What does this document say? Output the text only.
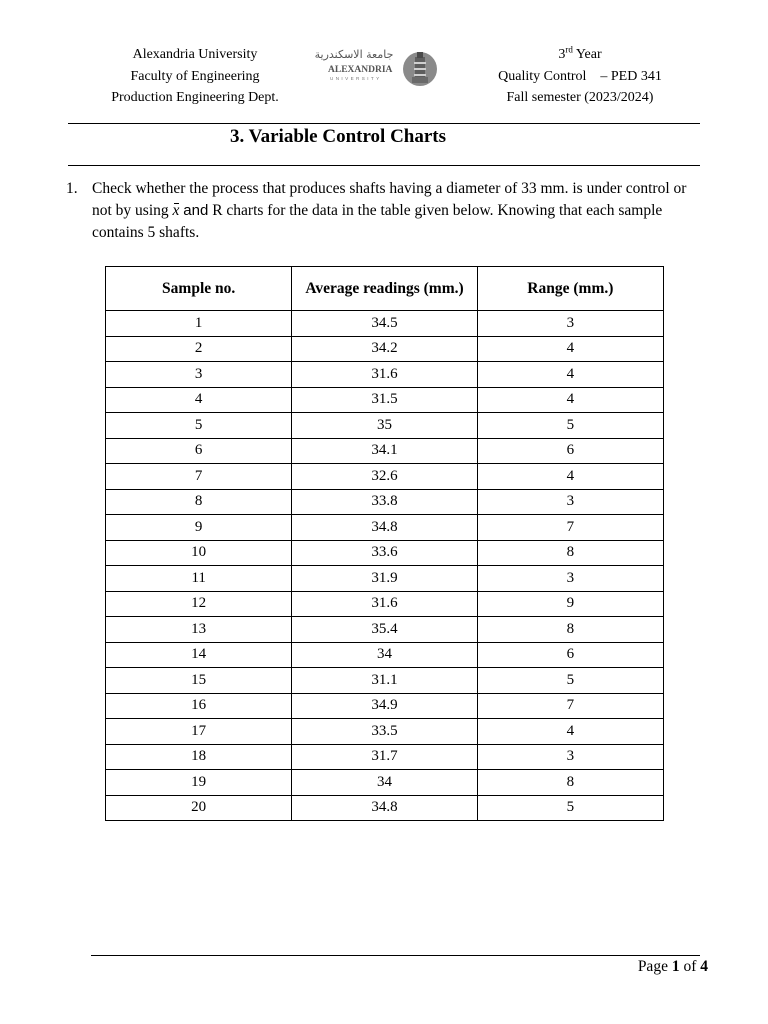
Alexandria University
Faculty of Engineering
Production Engineering Dept.
جامعة الاسكندرية
ALEXANDRIA
UNIVERSITY
3rd Year
Quality Control    – PED 341
Fall semester (2023/2024)
3. Variable Control Charts
1. Check whether the process that produces shafts having a diameter of 33 mm. is under control or not by using x and R charts for the data in the table given below. Knowing that each sample contains 5 shafts.
Sample no.	Average readings (mm.)	Range (mm.)
1	34.5	3
2	34.2	4
3	31.6	4
4	31.5	4
5	35	5
6	34.1	6
7	32.6	4
8	33.8	3
9	34.8	7
10	33.6	8
11	31.9	3
12	31.6	9
13	35.4	8
14	34	6
15	31.1	5
16	34.9	7
17	33.5	4
18	31.7	3
19	34	8
20	34.8	5
Page 1 of 4
